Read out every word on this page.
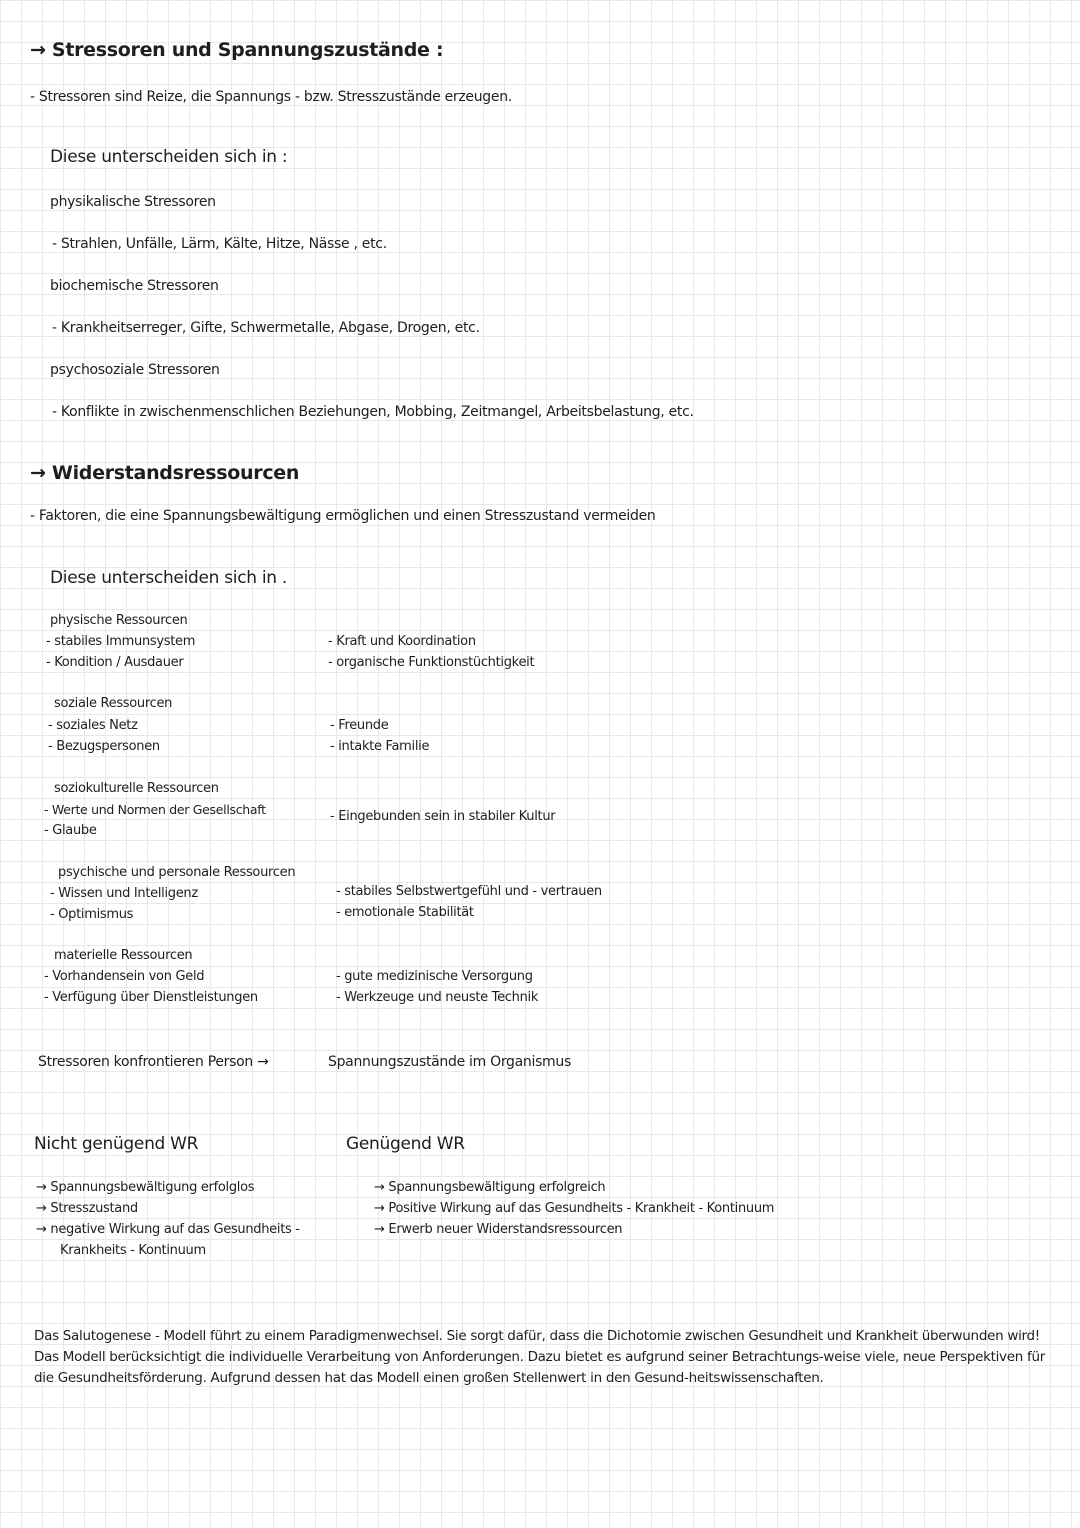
→ Stressoren und Spannungszustände :
- Stressoren sind Reize, die Spannungs - bzw. Stresszustände erzeugen.
Diese unterscheiden sich in :
physikalische Stressoren
- Strahlen, Unfälle, Lärm, Kälte, Hitze, Nässe , etc.
biochemische Stressoren
- Krankheitserreger, Gifte, Schwermetalle, Abgase, Drogen, etc.
psychosoziale Stressoren
- Konflikte in zwischenmenschlichen Beziehungen, Mobbing, Zeitmangel, Arbeitsbelastung, etc.
→ Widerstandsressourcen
- Faktoren, die eine Spannungsbewältigung ermöglichen und einen Stresszustand vermeiden
Diese unterscheiden sich in .
physische Ressourcen
- stabiles Immunsystem
- Kondition / Ausdauer
- Kraft und Koordination
- organische Funktionstüchtigkeit
soziale Ressourcen
- soziales Netz
- Bezugspersonen
- Freunde
- intakte Familie
soziokulturelle Ressourcen
- Werte und Normen der Gesellschaft
- Glaube
- Eingebunden sein in stabiler Kultur
psychische und personale Ressourcen
- Wissen und Intelligenz
- Optimismus
- stabiles Selbstwertgefühl und - vertrauen
- emotionale Stabilität
materielle Ressourcen
- Vorhandensein von Geld
- Verfügung über Dienstleistungen
- gute medizinische Versorgung
- Werkzeuge und neuste Technik
Stressoren konfrontieren Person →	Spannungszustände im Organismus
Nicht genügend WR
→ Spannungsbewältigung erfolglos
→ Stresszustand
→ negative Wirkung auf das Gesundheits -
Krankheits - Kontinuum
Genügend WR
→ Spannungsbewältigung erfolgreich
→ Positive Wirkung auf das Gesundheits - Krankheit - Kontinuum
→ Erwerb neuer Widerstandsressourcen
Das Salutogenese - Modell führt zu einem Paradigmenwechsel. Sie sorgt dafür, dass die Dichotomie zwischen Gesundheit und Krankheit überwunden wird! Das Modell berücksichtigt die individuelle Verarbeitung von Anforderungen. Dazu bietet es aufgrund seiner Betrachtungs-weise viele, neue Perspektiven für die Gesundheitsförderung. Aufgrund dessen hat das Modell einen großen Stellenwert in den Gesund-heitswissenschaften.
